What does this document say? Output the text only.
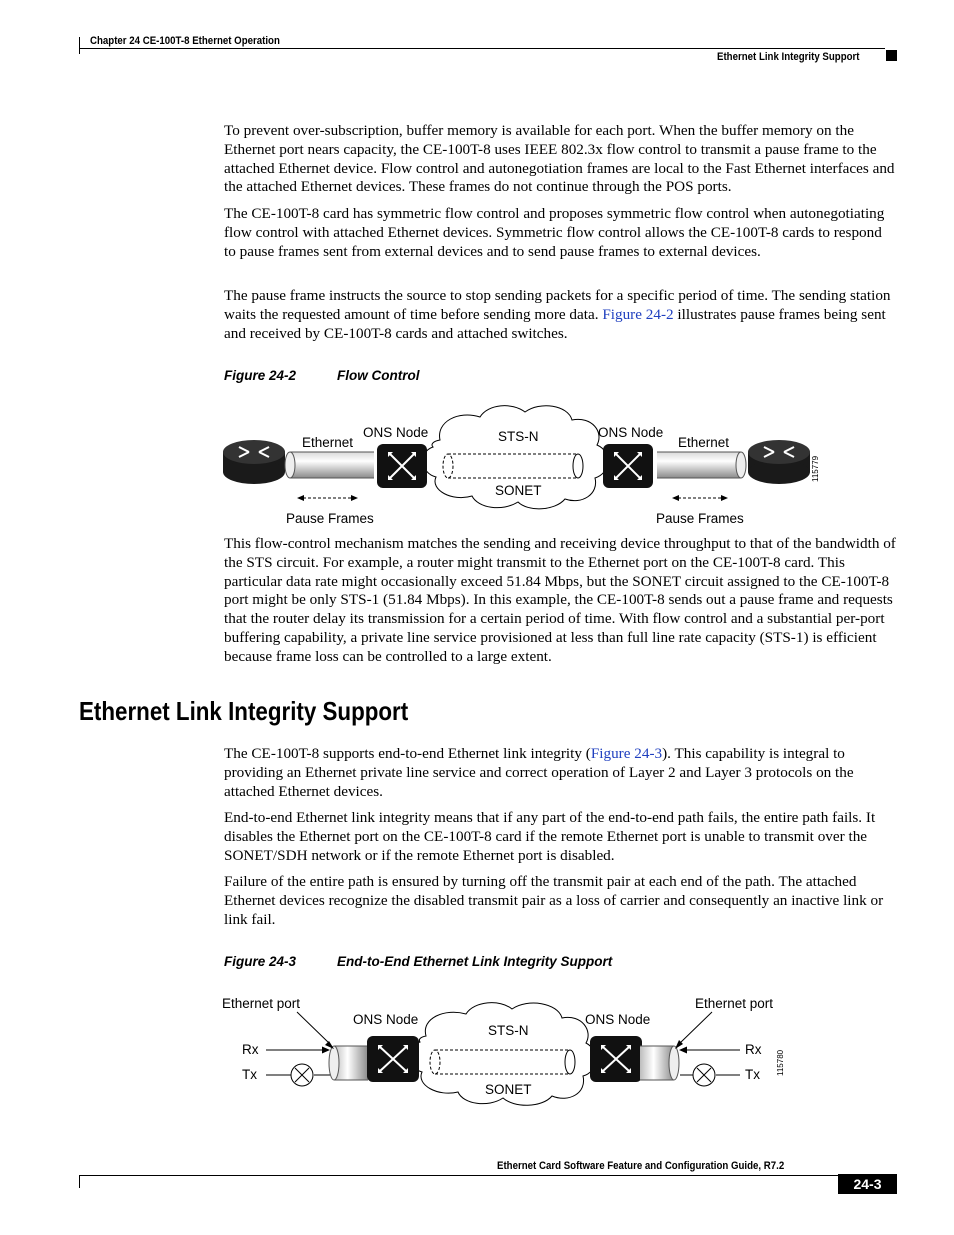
Chapter 24 CE-100T-8 Ethernet Operation
Ethernet Link Integrity Support

To prevent over-subscription, buffer memory is available for each port. When the buffer memory on the Ethernet port nears capacity, the CE-100T-8 uses IEEE 802.3x flow control to transmit a pause frame to the attached Ethernet device. Flow control and autonegotiation frames are local to the Fast Ethernet interfaces and the attached Ethernet devices. These frames do not continue through the POS ports.

The CE-100T-8 card has symmetric flow control and proposes symmetric flow control when autonegotiating flow control with attached Ethernet devices. Symmetric flow control allows the CE-100T-8 cards to respond to pause frames sent from external devices and to send pause frames to external devices.

The pause frame instructs the source to stop sending packets for a specific period of time. The sending station waits the requested amount of time before sending more data. Figure 24-2 illustrates pause frames being sent and received by CE-100T-8 cards and attached switches.

Figure 24-2	Flow Control
Ethernet
ONS Node	STS-N
SONET
ONS Node
Ethernet
Pause Frames	Pause Frames
115779

This flow-control mechanism matches the sending and receiving device throughput to that of the bandwidth of the STS circuit. For example, a router might transmit to the Ethernet port on the CE-100T-8 card. This particular data rate might occasionally exceed 51.84 Mbps, but the SONET circuit assigned to the CE-100T-8 port might be only STS-1 (51.84 Mbps). In this example, the CE-100T-8 sends out a pause frame and requests that the router delay its transmission for a certain period of time. With flow control and a substantial per-port buffering capability, a private line service provisioned at less than full line rate capacity (STS-1) is efficient because frame loss can be controlled to a large extent.

Ethernet Link Integrity Support

The CE-100T-8 supports end-to-end Ethernet link integrity (Figure 24-3). This capability is integral to providing an Ethernet private line service and correct operation of Layer 2 and Layer 3 protocols on the attached Ethernet devices.

End-to-end Ethernet link integrity means that if any part of the end-to-end path fails, the entire path fails. It disables the Ethernet port on the CE-100T-8 card if the remote Ethernet port is unable to transmit over the SONET/SDH network or if the remote Ethernet port is disabled.

Failure of the entire path is ensured by turning off the transmit pair at each end of the path. The attached Ethernet devices recognize the disabled transmit pair as a loss of carrier and consequently an inactive link or link fail.

Figure 24-3	End-to-End Ethernet Link Integrity Support
Ethernet port	Ethernet port
ONS Node	ONS Node
STS-N
SONET
Rx
Tx
Rx
Tx 115780
Ethernet Card Software Feature and Configuration Guide, R7.2
24-3
